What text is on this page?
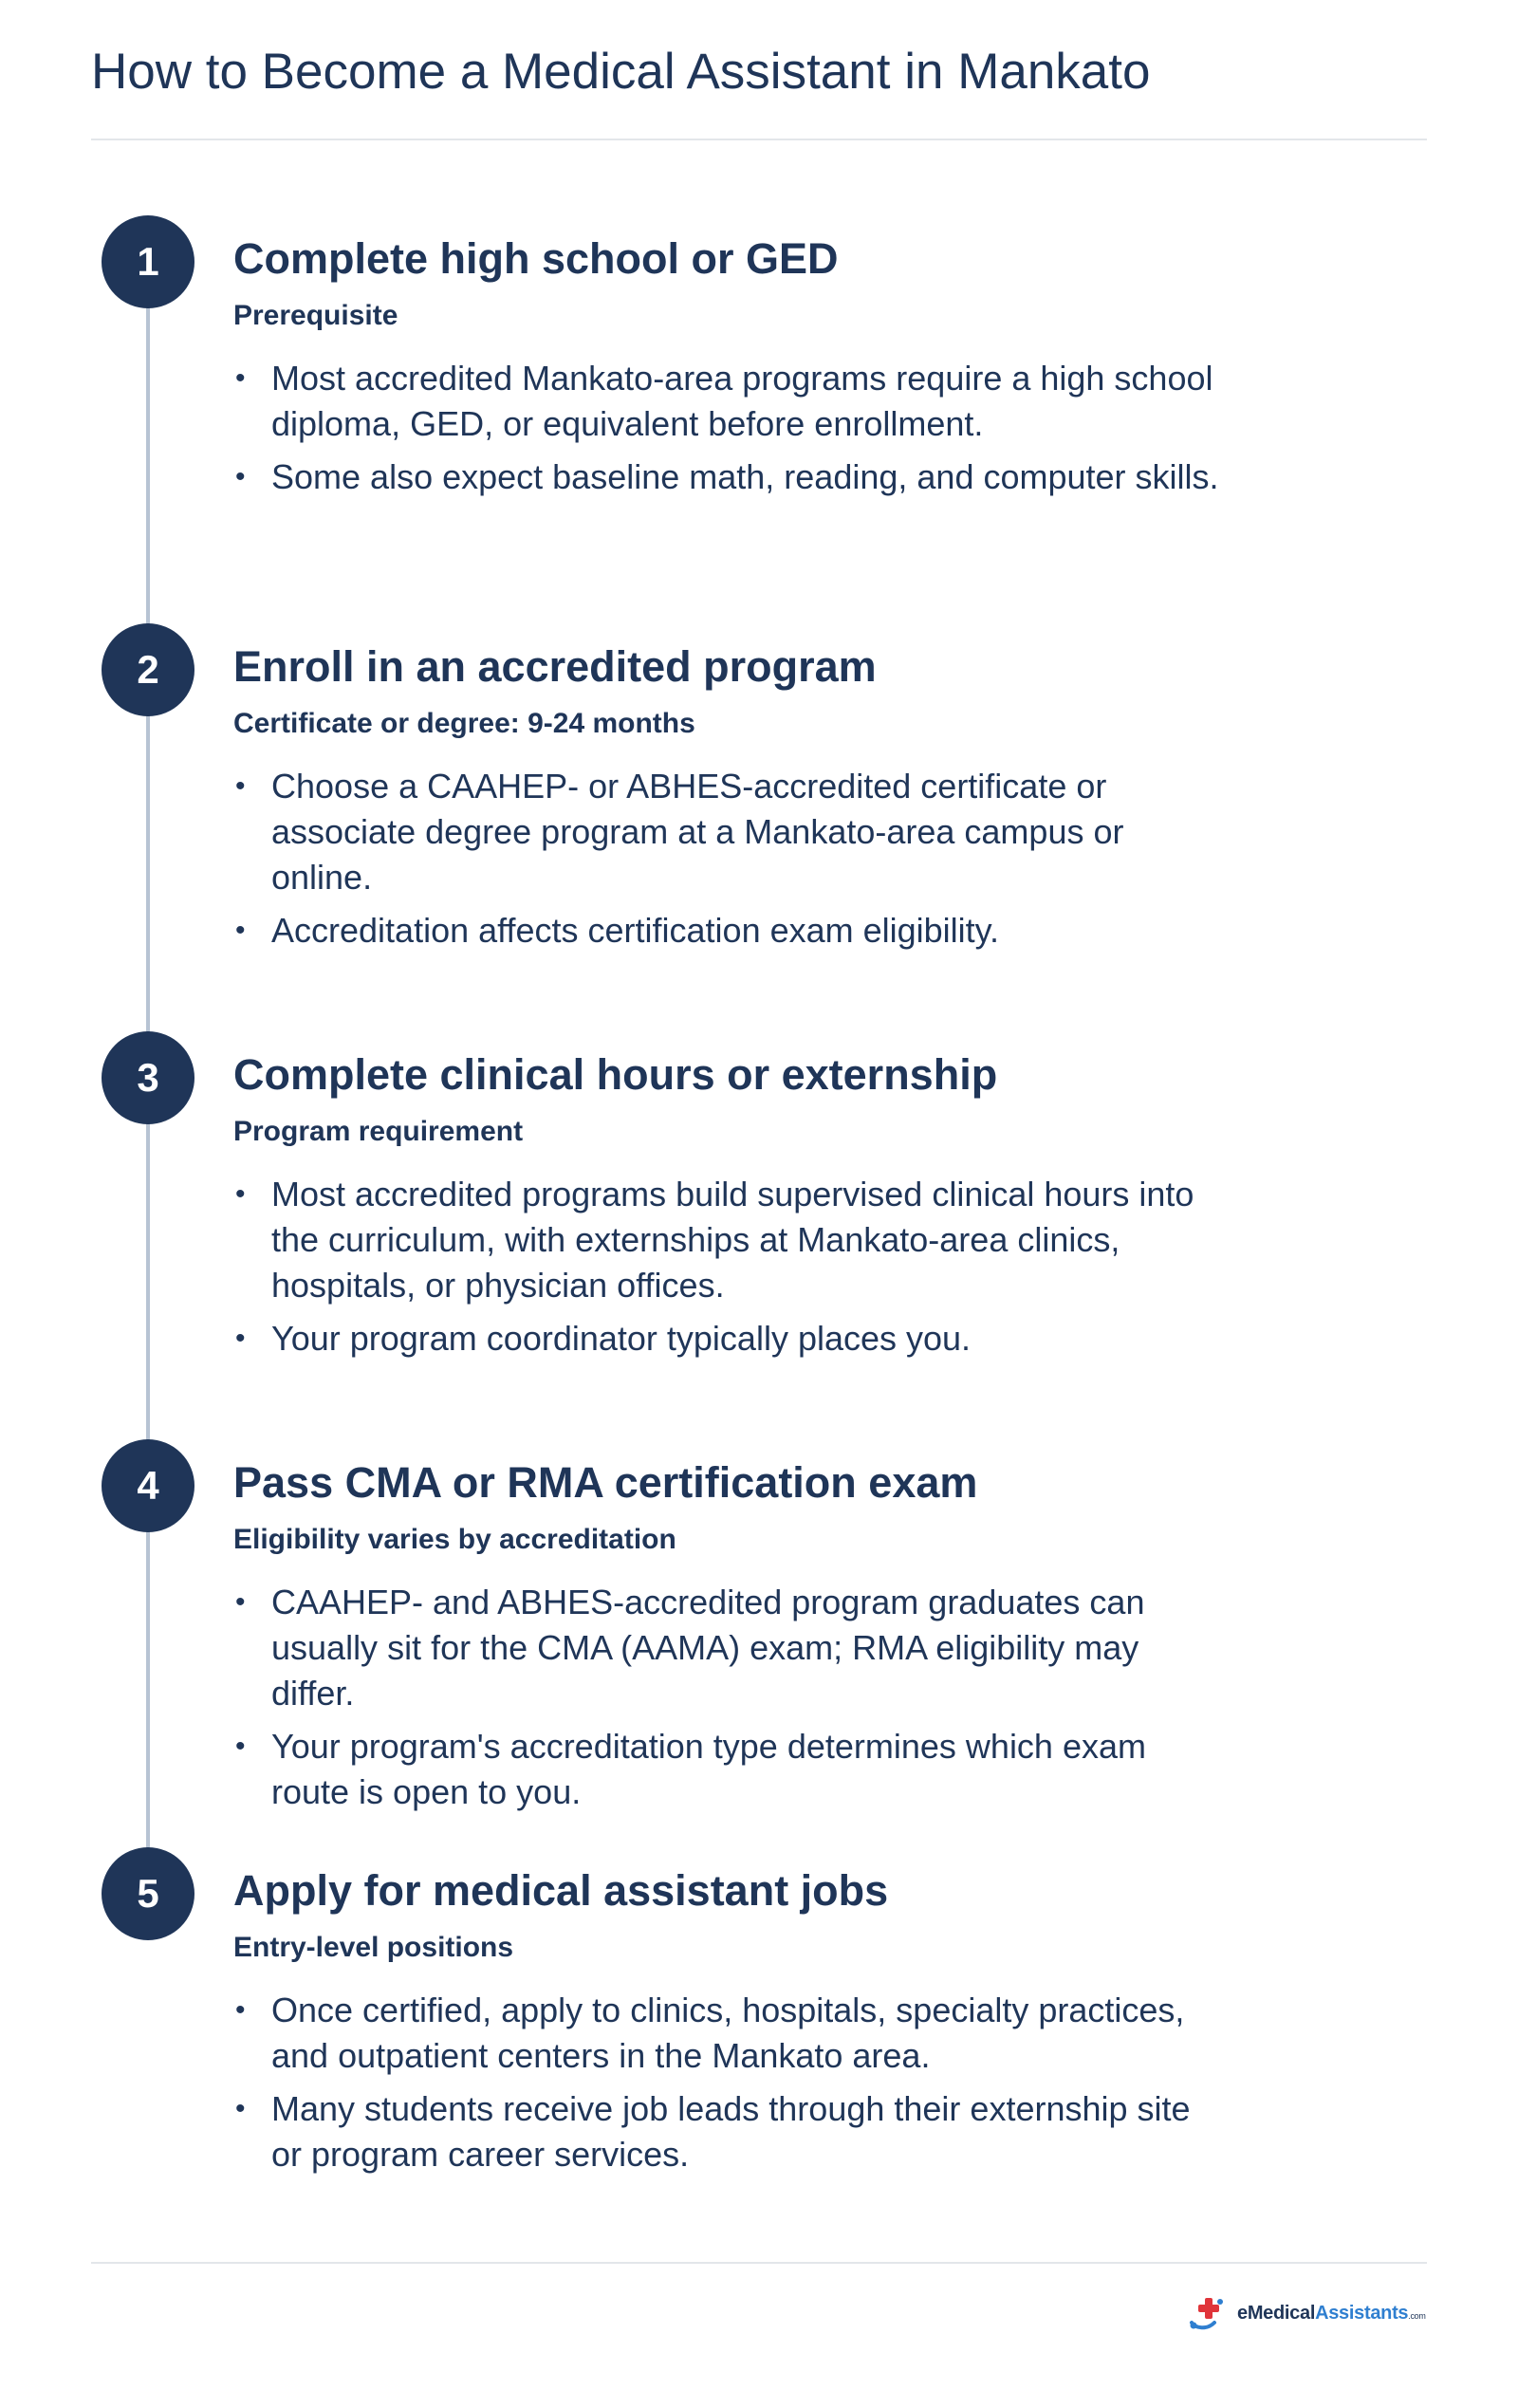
How to Become a Medical Assistant in Mankato
1	Complete high school or GED
Prerequisite
• Most accredited Mankato-area programs require a high school diploma, GED, or equivalent before enrollment.
• Some also expect baseline math, reading, and computer skills.
2	Enroll in an accredited program
Certificate or degree: 9-24 months
• Choose a CAAHEP- or ABHES-accredited certificate or associate degree program at a Mankato-area campus or online.
• Accreditation affects certification exam eligibility.
3	Complete clinical hours or externship
Program requirement
• Most accredited programs build supervised clinical hours into the curriculum, with externships at Mankato-area clinics, hospitals, or physician offices.
• Your program coordinator typically places you.
4	Pass CMA or RMA certification exam
Eligibility varies by accreditation
• CAAHEP- and ABHES-accredited program graduates can usually sit for the CMA (AAMA) exam; RMA eligibility may differ.
• Your program's accreditation type determines which exam route is open to you.
5	Apply for medical assistant jobs
Entry-level positions
• Once certified, apply to clinics, hospitals, specialty practices, and outpatient centers in the Mankato area.
• Many students receive job leads through their externship site or program career services.
eMedicalAssistants.com
